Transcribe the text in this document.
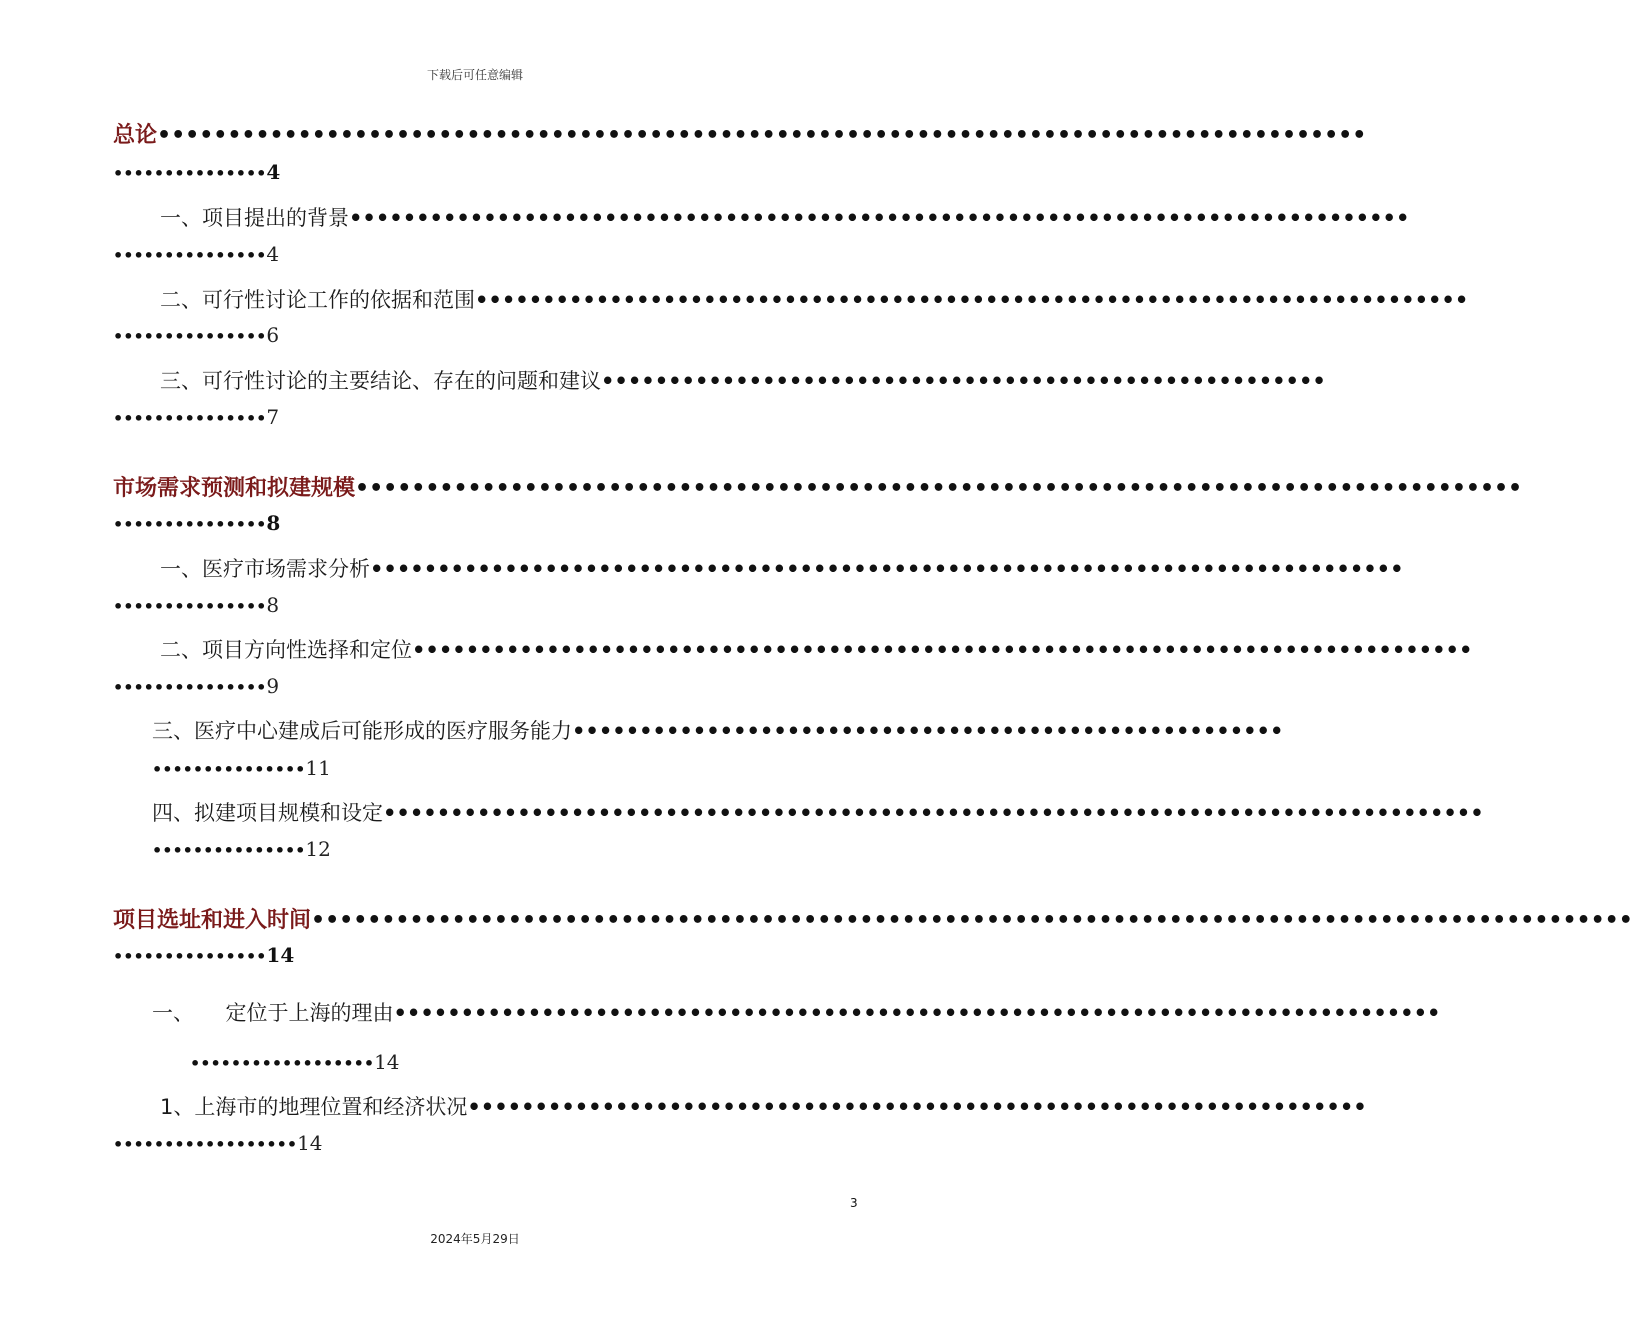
下载后可任意编辑
总论••••••••••••••••••••••••••••••••••••••••••••••••••••••••••••••••••••••••••••••••••••••
•••••••••••••••4
一、项目提出的背景•••••••••••••••••••••••••••••••••••••••••••••••••••••••••••••••••••••••••••••••
•••••••••••••••4
二、可行性讨论工作的依据和范围••••••••••••••••••••••••••••••••••••••••••••••••••••••••••••••••••••••••••
•••••••••••••••6
三、可行性讨论的主要结论、存在的问题和建议••••••••••••••••••••••••••••••••••••••••••••••••••••••
•••••••••••••••7
市场需求预测和拟建规模•••••••••••••••••••••••••••••••••••••••••••••••••••••••••••••••••••••••••••••••••••
•••••••••••••••8
一、医疗市场需求分析•••••••••••••••••••••••••••••••••••••••••••••••••••••••••••••••••••••••••••••
•••••••••••••••8
二、项目方向性选择和定位•••••••••••••••••••••••••••••••••••••••••••••••••••••••••••••••••••••••••••••••
•••••••••••••••9
三、医疗中心建成后可能形成的医疗服务能力•••••••••••••••••••••••••••••••••••••••••••••••••••••
•••••••••••••••11
四、拟建项目规模和设定••••••••••••••••••••••••••••••••••••••••••••••••••••••••••••••••••••••••••••••••••
•••••••••••••••12
项目选址和进入时间••••••••••••••••••••••••••••••••••••••••••••••••••••••••••••••••••••••••••••••••••••••••••••••
•••••••••••••••14
一、　　定位于上海的理由••••••••••••••••••••••••••••••••••••••••••••••••••••••••••••••••••••••••••••••
••••••••••••••••••14
1、上海市的地理位置和经济状况•••••••••••••••••••••••••••••••••••••••••••••••••••••••••••••••••••
••••••••••••••••••14
3
2024年5月29日
